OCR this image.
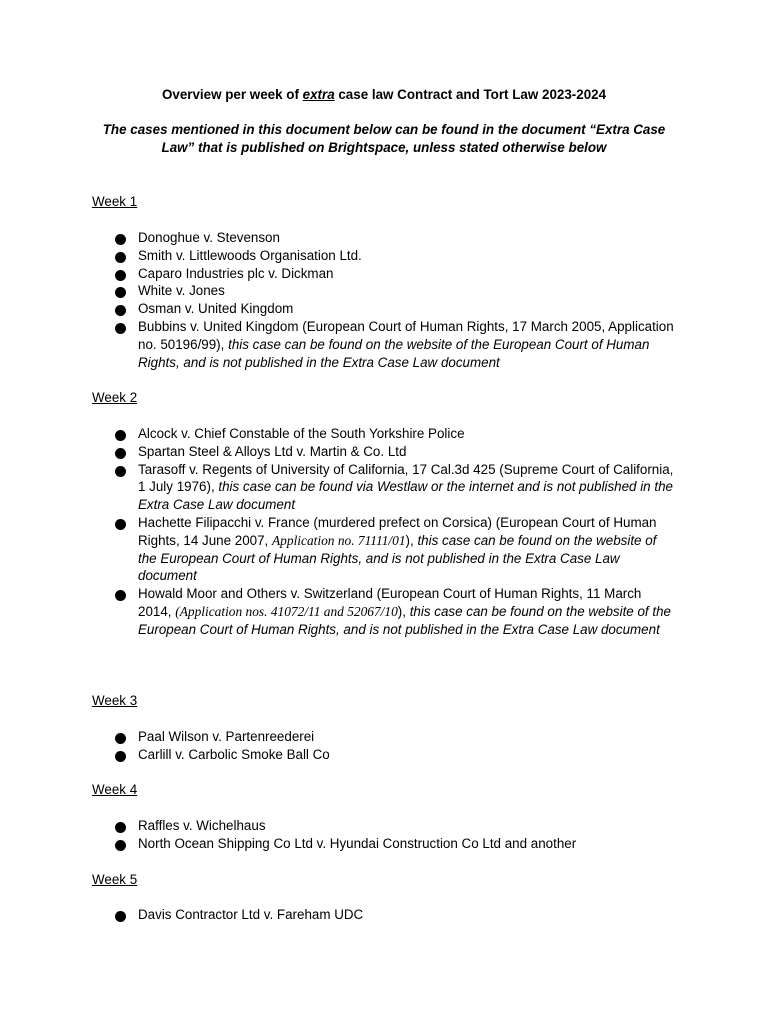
Overview per week of extra case law Contract and Tort Law 2023-2024
The cases mentioned in this document below can be found in the document “Extra Case Law” that is published on Brightspace, unless stated otherwise below
Week 1
Donoghue v. Stevenson
Smith v. Littlewoods Organisation Ltd.
Caparo Industries plc v. Dickman
White v. Jones
Osman v. United Kingdom
Bubbins v. United Kingdom (European Court of Human Rights, 17 March 2005, Application no. 50196/99), this case can be found on the website of the European Court of Human Rights, and is not published in the Extra Case Law document
Week 2
Alcock v. Chief Constable of the South Yorkshire Police
Spartan Steel & Alloys Ltd v. Martin & Co. Ltd
Tarasoff v. Regents of University of California, 17 Cal.3d 425 (Supreme Court of California, 1 July 1976), this case can be found via Westlaw or the internet and is not published in the Extra Case Law document
Hachette Filipacchi v. France (murdered prefect on Corsica) (European Court of Human Rights, 14 June 2007, Application no. 71111/01), this case can be found on the website of the European Court of Human Rights, and is not published in the Extra Case Law document
Howald Moor and Others v. Switzerland (European Court of Human Rights, 11 March 2014, (Application nos. 41072/11 and 52067/10), this case can be found on the website of the European Court of Human Rights, and is not published in the Extra Case Law document
Week 3
Paal Wilson v. Partenreederei
Carlill v. Carbolic Smoke Ball Co
Week 4
Raffles v. Wichelhaus
North Ocean Shipping Co Ltd v. Hyundai Construction Co Ltd and another
Week 5
Davis Contractor Ltd v. Fareham UDC
